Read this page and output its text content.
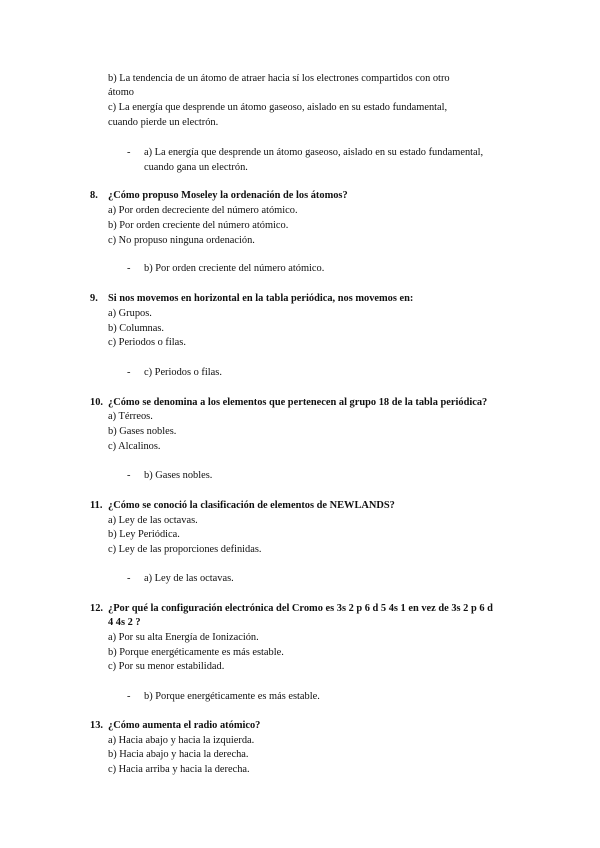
b) La tendencia de un átomo de atraer hacia sí los electrones compartidos con otro
átomo
c) La energía que desprende un átomo gaseoso, aislado en su estado fundamental,
cuando pierde un electrón.
- a) La energía que desprende un átomo gaseoso, aislado en su estado fundamental,
cuando gana un electrón.
8. ¿Cómo propuso Moseley la ordenación de los átomos?
a) Por orden decreciente del número atómico.
b) Por orden creciente del número atómico.
c) No propuso ninguna ordenación.
- b) Por orden creciente del número atómico.
9. Si nos movemos en horizontal en la tabla periódica, nos movemos en:
a) Grupos.
b) Columnas.
c) Periodos o filas.
- c) Periodos o filas.
10. ¿Cómo se denomina a los elementos que pertenecen al grupo 18 de la tabla periódica?
a) Térreos.
b) Gases nobles.
c) Alcalinos.
- b) Gases nobles.
11. ¿Cómo se conoció la clasificación de elementos de NEWLANDS?
a) Ley de las octavas.
b) Ley Periódica.
c) Ley de las proporciones definidas.
- a) Ley de las octavas.
12. ¿Por qué la configuración electrónica del Cromo es 3s 2 p 6 d 5 4s 1 en vez de 3s 2 p 6 d
4 4s 2 ?
a) Por su alta Energía de Ionización.
b) Porque energéticamente es más estable.
c) Por su menor estabilidad.
- b) Porque energéticamente es más estable.
13. ¿Cómo aumenta el radio atómico?
a) Hacia abajo y hacia la izquierda.
b) Hacia abajo y hacia la derecha.
c) Hacia arriba y hacia la derecha.
